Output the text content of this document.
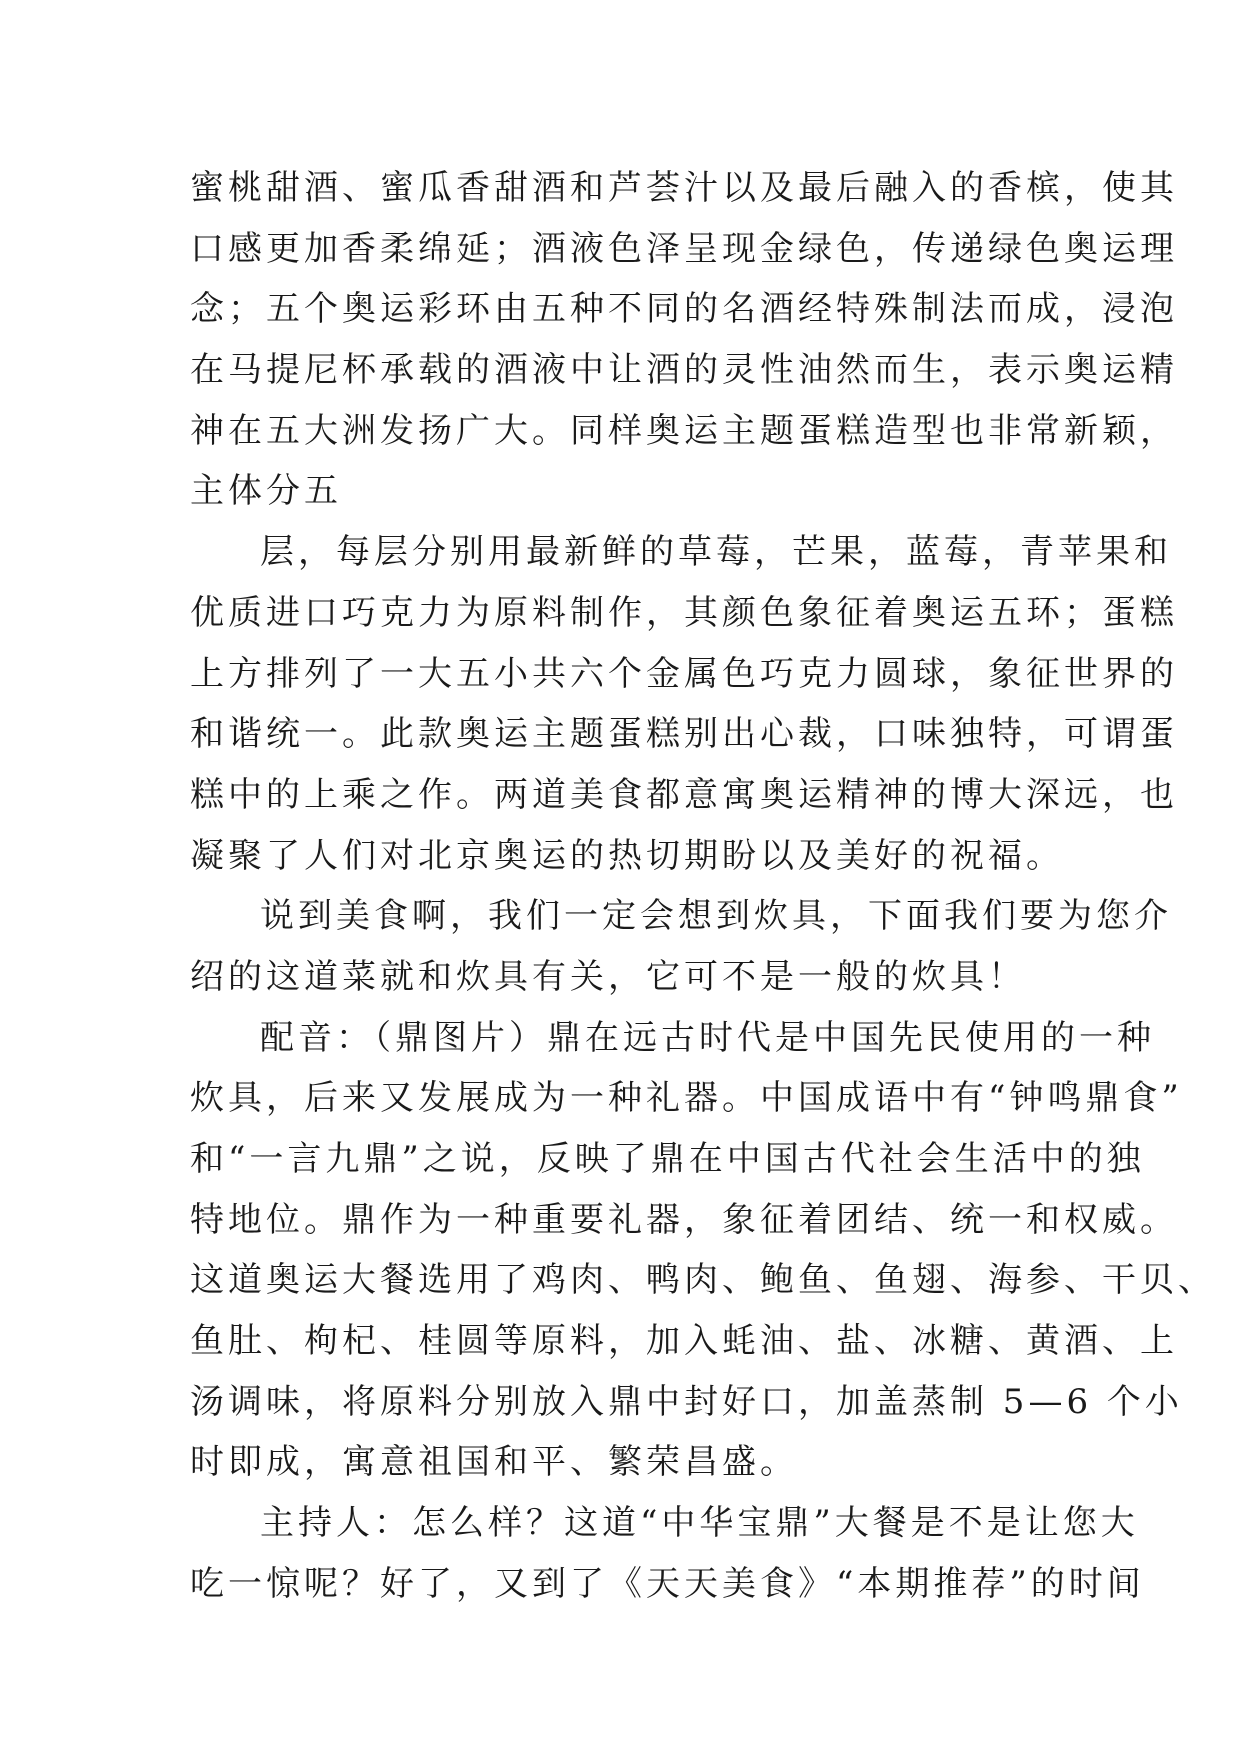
蜜桃甜酒、蜜瓜香甜酒和芦荟汁以及最后融入的香槟，使其
口感更加香柔绵延；酒液色泽呈现金绿色，传递绿色奥运理
念；五个奥运彩环由五种不同的名酒经特殊制法而成，浸泡
在马提尼杯承载的酒液中让酒的灵性油然而生，表示奥运精
神在五大洲发扬广大。同样奥运主题蛋糕造型也非常新颖，
主体分五
层，每层分别用最新鲜的草莓，芒果，蓝莓，青苹果和
优质进口巧克力为原料制作，其颜色象征着奥运五环；蛋糕
上方排列了一大五小共六个金属色巧克力圆球，象征世界的
和谐统一。此款奥运主题蛋糕别出心裁，口味独特，可谓蛋
糕中的上乘之作。两道美食都意寓奥运精神的博大深远，也
凝聚了人们对北京奥运的热切期盼以及美好的祝福。
说到美食啊，我们一定会想到炊具，下面我们要为您介
绍的这道菜就和炊具有关，它可不是一般的炊具！
配音：（鼎图片）鼎在远古时代是中国先民使用的一种
炊具，后来又发展成为一种礼器。中国成语中有“钟鸣鼎食”
和“一言九鼎”之说，反映了鼎在中国古代社会生活中的独
特地位。鼎作为一种重要礼器，象征着团结、统一和权威。
这道奥运大餐选用了鸡肉、鸭肉、鲍鱼、鱼翅、海参、干贝、
鱼肚、枸杞、桂圆等原料，加入蚝油、盐、冰糖、黄酒、上
汤调味，将原料分别放入鼎中封好口，加盖蒸制 5—6 个小
时即成，寓意祖国和平、繁荣昌盛。
主持人：怎么样？这道“中华宝鼎”大餐是不是让您大
吃一惊呢？好了，又到了《天天美食》“本期推荐”的时间
